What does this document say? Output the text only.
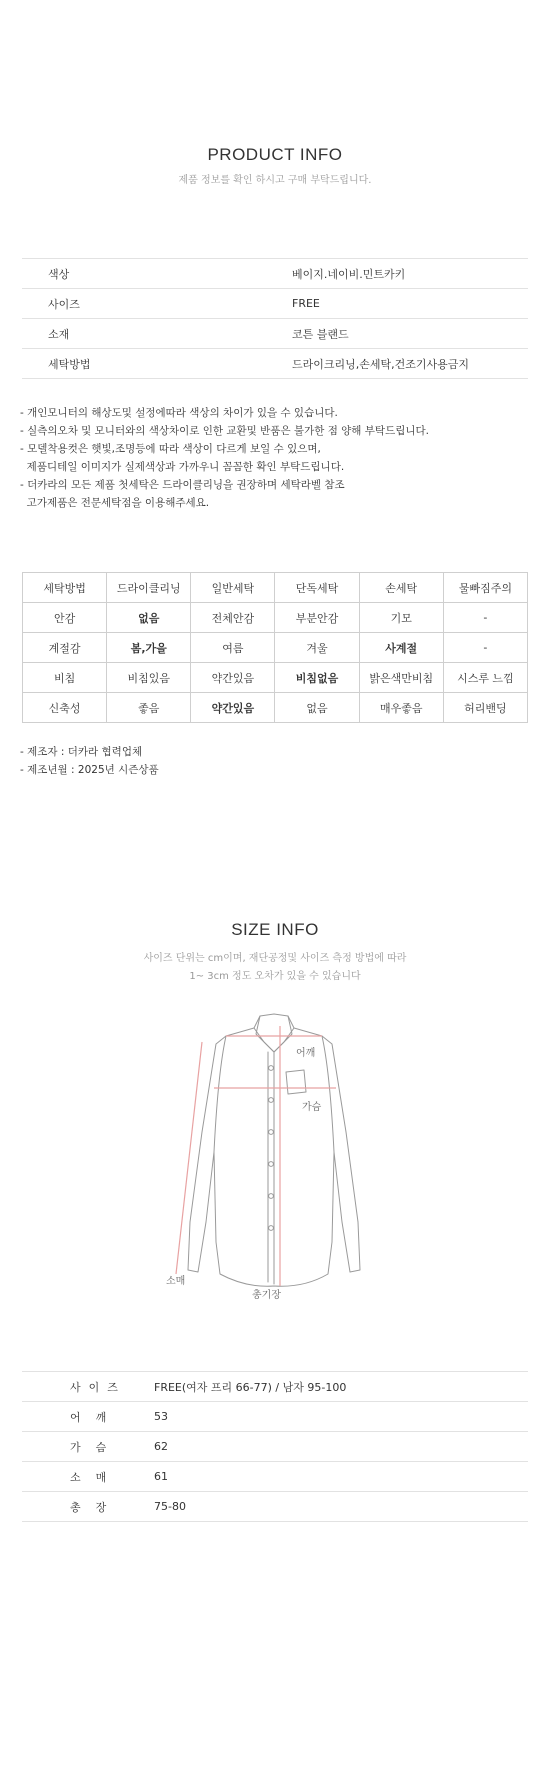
PRODUCT INFO
제품 정보를 확인 하시고 구매 부탁드립니다.
색상	베이지.네이비.민트카키
사이즈	FREE
소재	코튼 블랜드
세탁방법	드라이크리닝,손세탁,건조기사용금지
- 개인모니터의 해상도및 설정에따라 색상의 차이가 있을 수 있습니다.
- 실측의오차 및 모니터와의 색상차이로 인한 교환및 반품은 불가한 점 양해 부탁드립니다.
- 모델착용컷은 햇빛,조명등에 따라 색상이 다르게 보일 수 있으며,
제품디테일 이미지가 실제색상과 가까우니 꼼꼼한 확인 부탁드립니다.
- 더카라의 모든 제품 첫세탁은 드라이클리닝을 권장하며 세탁라벨 참조
고가제품은 전문세탁점을 이용해주세요.
세탁방법	드라이클리닝	일반세탁	단독세탁	손세탁	물빠짐주의
안감	없음	전체안감	부분안감	기모	-
계절감	봄,가을	여름	겨울	사계절	-
비침	비침있음	약간있음	비침없음	밝은색만비침	시스루 느낌
신축성	좋음	약간있음	없음	매우좋음	허리밴딩
- 제조자 : 더카라 협력업체
- 제조년월 : 2025년 시즌상품
SIZE INFO
사이즈 단위는 cm이며, 재단공정및 사이즈 측정 방법에 따라
1~ 3cm 정도 오차가 있을 수 있습니다
어깨
가슴
소매
총기장
사이즈	FREE(여자 프리 66-77) / 남자 95-100
어깨	53
가슴	62
소매	61
총장	75-80
